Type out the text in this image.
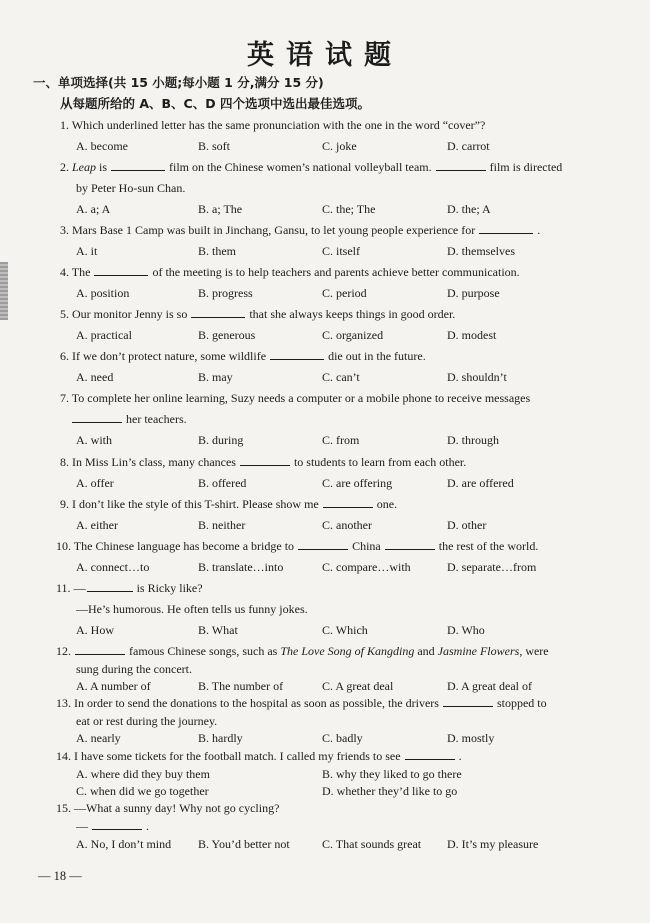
英语试题
一、单项选择(共 15 小题;每小题 1 分,满分 15 分)
从每题所给的 A、B、C、D 四个选项中选出最佳选项。
1. Which underlined letter has the same pronunciation with the one in the word “cover”?
A. become	B. soft	C. joke	D. carrot
2. Leap is	film on the Chinese women’s national volleyball team.	film is directed
by Peter Ho-sun Chan.
A. a; A	B. a; The	C. the; The	D. the; A
3. Mars Base 1 Camp was built in Jinchang, Gansu, to let young people experience for	.
A. it	B. them	C. itself	D. themselves
4. The	of the meeting is to help teachers and parents achieve better communication.
A. position	B. progress	C. period	D. purpose
5. Our monitor Jenny is so	that she always keeps things in good order.
A. practical	B. generous	C. organized	D. modest
6. If we don’t protect nature, some wildlife	die out in the future.
A. need	B. may	C. can’t	D. shouldn’t
7. To complete her online learning, Suzy needs a computer or a mobile phone to receive messages
her teachers.
A. with	B. during	C. from	D. through
8. In Miss Lin’s class, many chances	to students to learn from each other.
A. offer	B. offered	C. are offering	D. are offered
9. I don’t like the style of this T-shirt. Please show me	one.
A. either	B. neither	C. another	D. other
10. The Chinese language has become a bridge to	China	the rest of the world.
A. connect…to	B. translate…into	C. compare…with	D. separate…from
11. —	is Ricky like?
—He’s humorous. He often tells us funny jokes.
A. How	B. What	C. Which	D. Who
12.	famous Chinese songs, such as The Love Song of Kangding and Jasmine Flowers, were
sung during the concert.
A. A number of	B. The number of	C. A great deal	D. A great deal of
13. In order to send the donations to the hospital as soon as possible, the drivers	stopped to
eat or rest during the journey.
A. nearly	B. hardly	C. badly	D. mostly
14. I have some tickets for the football match. I called my friends to see	.
A. where did they buy them	B. why they liked to go there
C. when did we go together	D. whether they’d like to go
15. —What a sunny day! Why not go cycling?
—	.
A. No, I don’t mind B. You’d better not	C. That sounds great D. It’s my pleasure
— 18 —
